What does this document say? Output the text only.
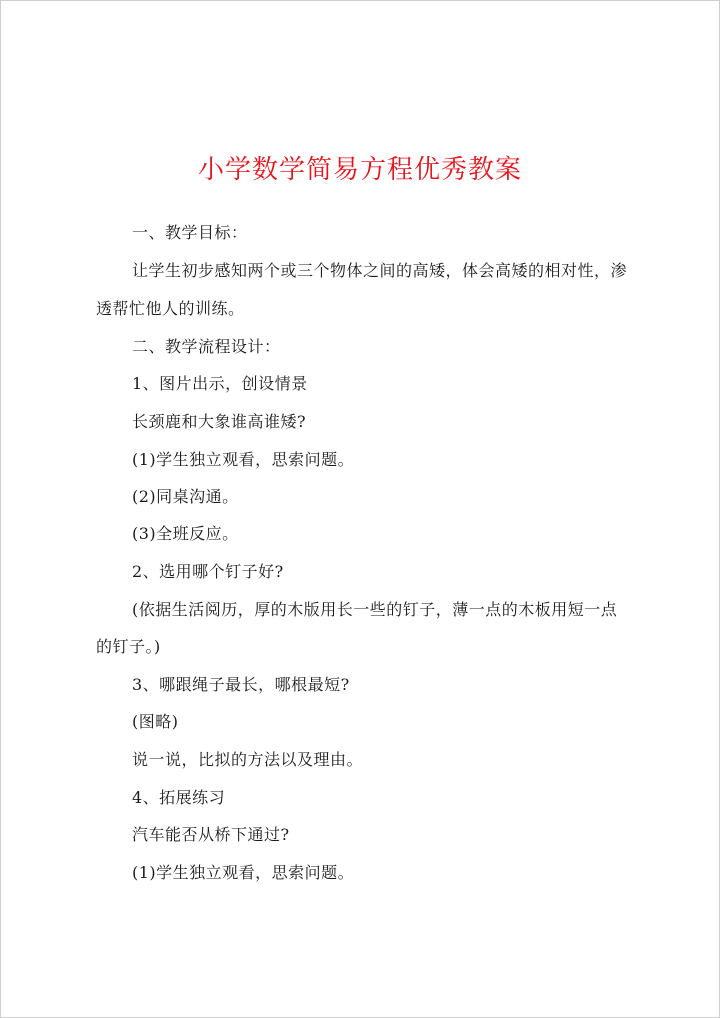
小学数学简易方程优秀教案

一、教学目标：

让学生初步感知两个或三个物体之间的高矮，体会高矮的相对性，渗

透帮忙他人的训练。

二、教学流程设计：

1、图片出示，创设情景

长颈鹿和大象谁高谁矮?

(1)学生独立观看，思索问题。

(2)同桌沟通。

(3)全班反应。

2、选用哪个钉子好?

(依据生活阅历，厚的木版用长一些的钉子，薄一点的木板用短一点

的钉子。)

3、哪跟绳子最长，哪根最短?

(图略)

说一说，比拟的方法以及理由。

4、拓展练习

汽车能否从桥下通过?

(1)学生独立观看，思索问题。
